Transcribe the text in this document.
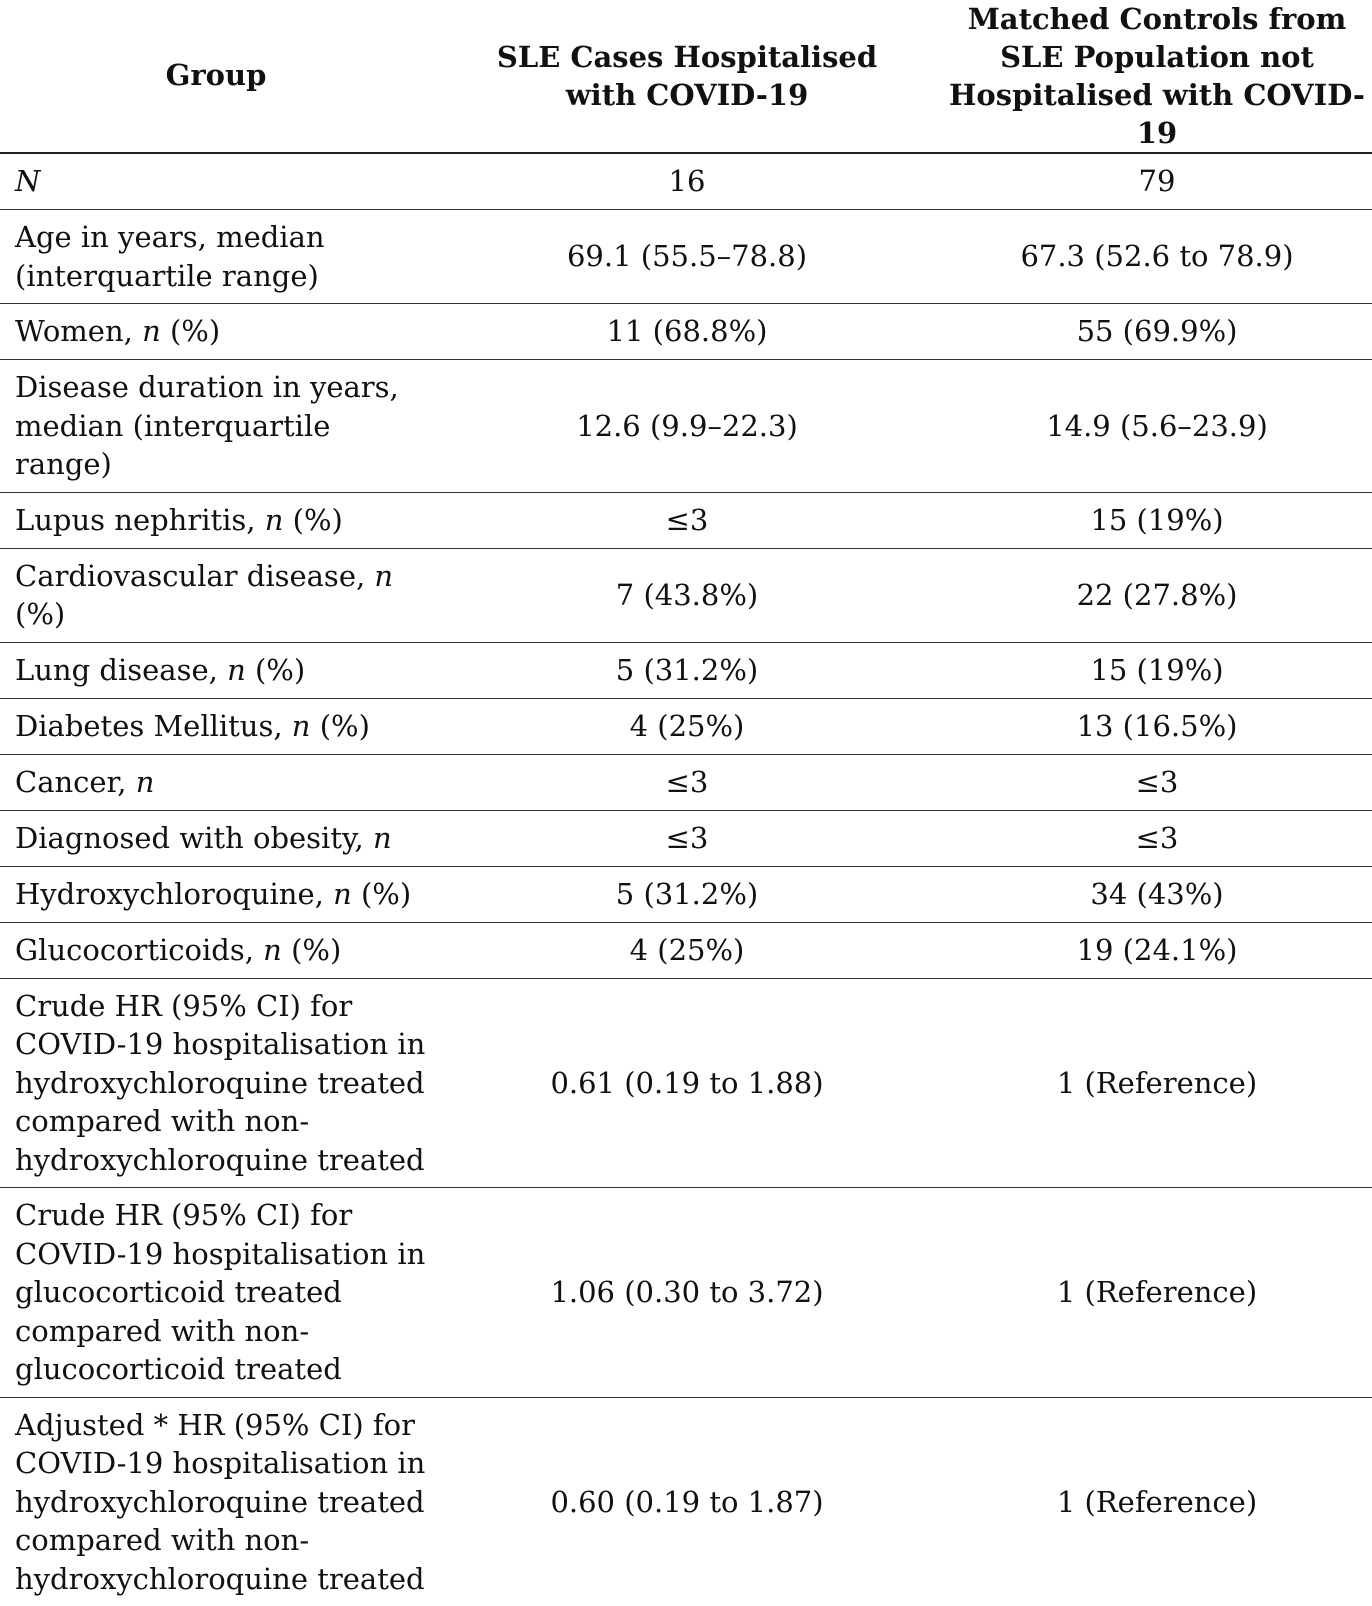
Group	SLE Cases Hospitalised with COVID-19	Matched Controls from SLE Population not Hospitalised with COVID-19
N	16	79
Age in years, median (interquartile range)	69.1 (55.5–78.8)	67.3 (52.6 to 78.9)
Women, n (%)	11 (68.8%)	55 (69.9%)
Disease duration in years, median (interquartile range)	12.6 (9.9–22.3)	14.9 (5.6–23.9)
Lupus nephritis, n (%)	≤3	15 (19%)
Cardiovascular disease, n (%)	7 (43.8%)	22 (27.8%)
Lung disease, n (%)	5 (31.2%)	15 (19%)
Diabetes Mellitus, n (%)	4 (25%)	13 (16.5%)
Cancer, n	≤3	≤3
Diagnosed with obesity, n	≤3	≤3
Hydroxychloroquine, n (%)	5 (31.2%)	34 (43%)
Glucocorticoids, n (%)	4 (25%)	19 (24.1%)
Crude HR (95% CI) for COVID-19 hospitalisation in hydroxychloroquine treated compared with non-hydroxychloroquine treated	0.61 (0.19 to 1.88)	1 (Reference)
Crude HR (95% CI) for COVID-19 hospitalisation in glucocorticoid treated compared with non-glucocorticoid treated	1.06 (0.30 to 3.72)	1 (Reference)
Adjusted * HR (95% CI) for COVID-19 hospitalisation in hydroxychloroquine treated compared with non-hydroxychloroquine treated	0.60 (0.19 to 1.87)	1 (Reference)
